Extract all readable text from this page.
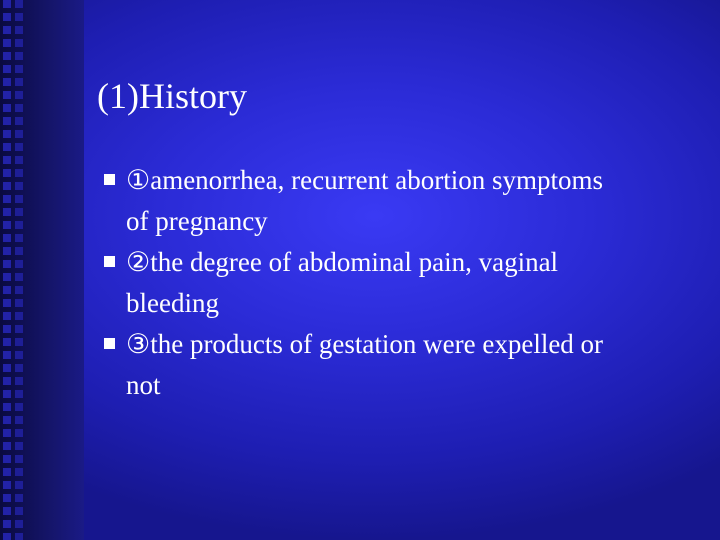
(1)History
①amenorrhea, recurrent abortion symptoms
of pregnancy
②the degree of abdominal pain, vaginal
bleeding
③the products of gestation were expelled or
not
